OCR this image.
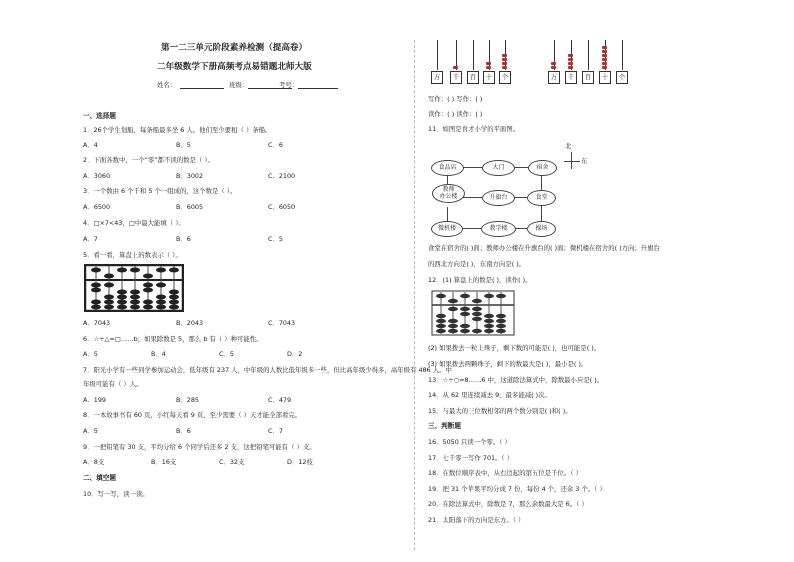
第一二三单元阶段素养检测（提高卷）
二年级数学下册高频考点易错题北师大版
姓名：	班级：	考号：
一、选择题
1．26个学生划船，每条船最多坐 6 人。他们至少要租（ ）条船。
A．4	B．5	C．6
2．下面各数中，一个“零”都不读的数是（ ）。
A．3060	B．3002	C．2100
3．一个数由 6 个千和 5 个一组成的，这个数是（ ）。
A．6500	B．6005	C．6050
4．□×7<43，□中最大能填（ ）。
A．7	B．6	C．5
5．看一看，算盘上的数表示（ ）。
A．7043	B．2043	C．7043
6．☆÷△=□……b，如果除数是 5，那么 b 有（ ）种可能性。
A．5	B．4	C．5	D．2
7．阳光小学有一些同学参加运动会，低年级有 237 人，中年级的人数比低年级多一些，但比高年级少得多，高年级有 486 人。中
年级可能有（ ）人。
A．199	B．285	C．479
8．一本故事书有 60 页，小红每天看 9 页，至少需要（ ）天才能全部看完。
A．5	B．6	C．7
9．一把铅笔有 30 支，平均分给 6 个同学后还多 2 支，这把铅笔可能有（ ）支。
A．8支	B．16支	C．32支	D．12枝
二、填空题
10．写一写，读一读。
万	千	百	十	个	万	千	百	十	个
写作：( ) 写作：( )
读作：( ) 读作：( )
11．如图是育才小学的平面图。
北
东
食品店	大门	宿舍
教师
办公楼	升旗台	食堂
微机楼	教学楼	操场
食堂在宿舍的( )面；教师办公楼在升旗台的( )面；微机楼在宿舍的( )方向；升旗台
的西北方向是( )，东南方向是( )。
12．(1) 算盘上的数是( )，读作( )。
(2) 如果拨去一粒上珠子，剩下数的可能是( )，也可能是( )。
(3) 如果拨去两颗珠子，剩下的数最大是( )，最小是( )。
13．☆÷○=8……6 中，这道除法算式中，除数最小应是( )。
14．从 62 里连续减去 9，最多能减( )次。
15．与最大的三位数相邻的两个数分别是( )和( )。
三、判断题
16．5050 只读一个零。（ ）
17．七千零一写作 701。（ ）
18．在数位顺序表中，从右边起的第五位是千位。（ ）
19．把 31 个苹果平均分成 7 份，每份 4 个，还余 3 个。（ ）
20．在除法算式中，除数是 7，那么余数最大是 6。（ ）
21．太阳落下的方向是东方。（ ）
